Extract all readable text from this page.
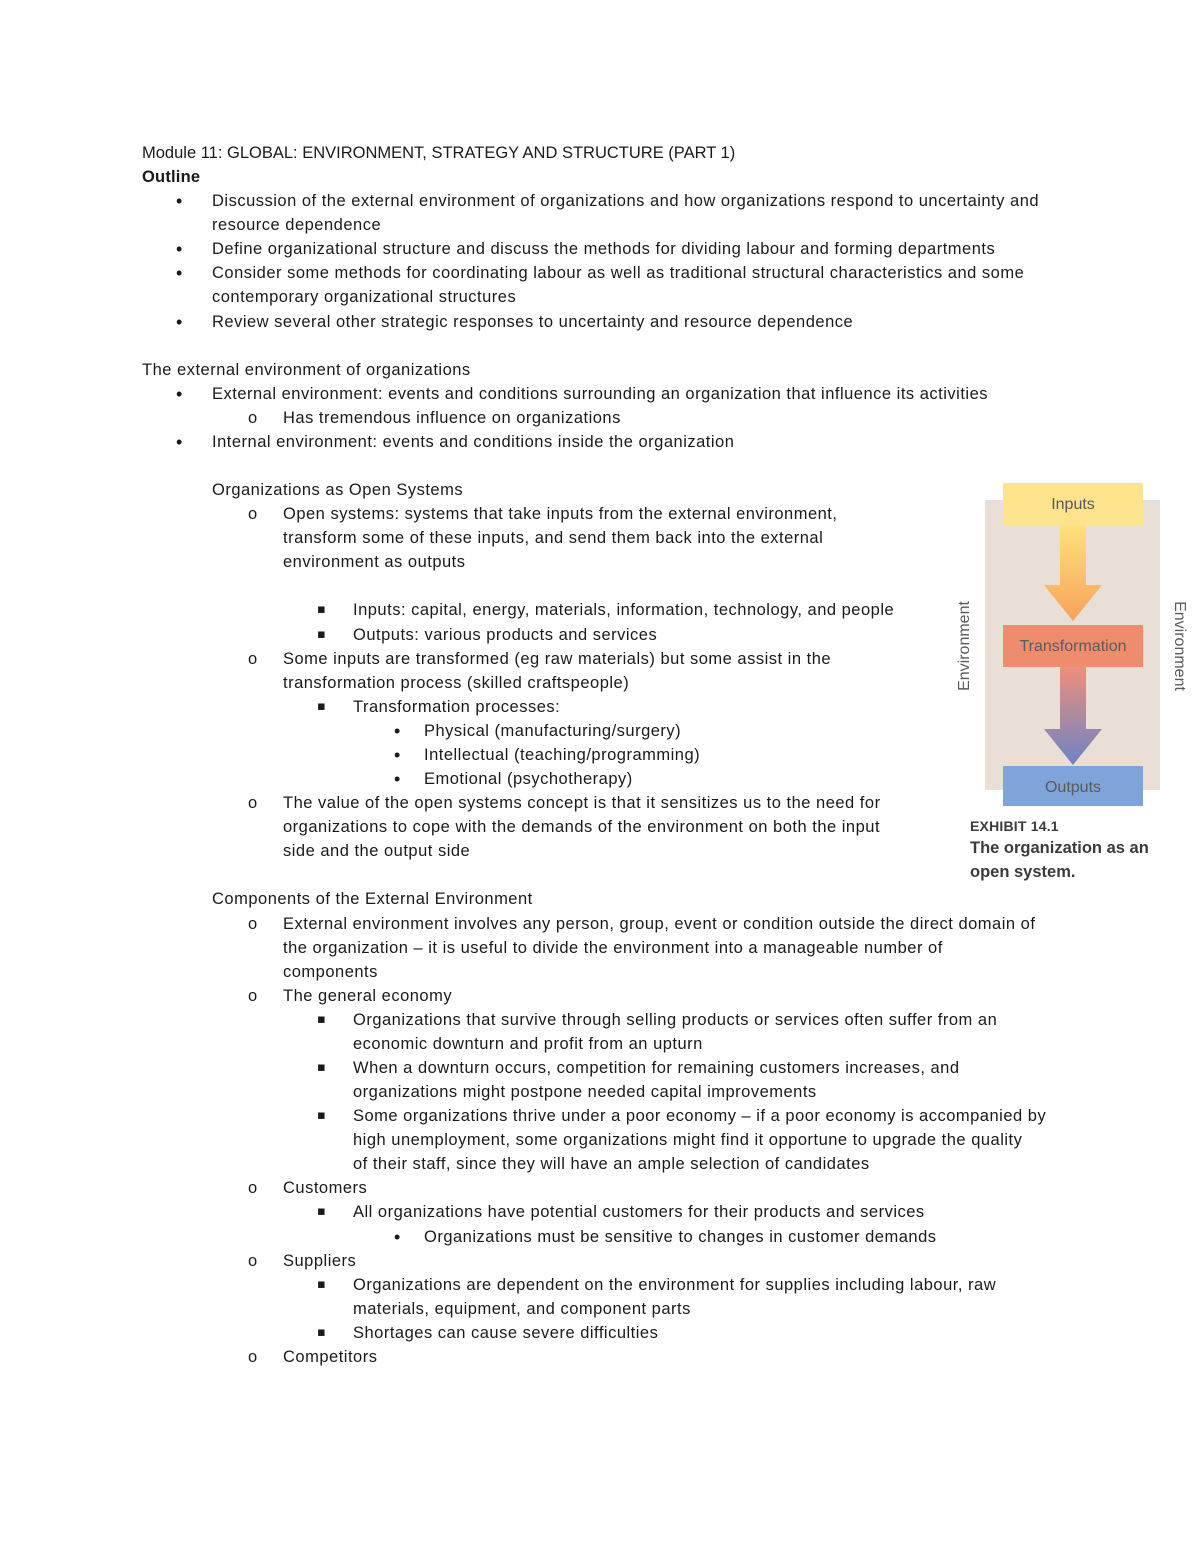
Module 11: GLOBAL: ENVIRONMENT, STRATEGY AND STRUCTURE (PART 1)
Outline
• Discussion of the external environment of organizations and how organizations respond to uncertainty and
resource dependence
• Define organizational structure and discuss the methods for dividing labour and forming departments
• Consider some methods for coordinating labour as well as traditional structural characteristics and some
contemporary organizational structures
• Review several other strategic responses to uncertainty and resource dependence
The external environment of organizations
• External environment: events and conditions surrounding an organization that influence its activities
o Has tremendous influence on organizations
• Internal environment: events and conditions inside the organization
Organizations as Open Systems
o Open systems: systems that take inputs from the external environment,
transform some of these inputs, and send them back into the external
environment as outputs
▪ Inputs: capital, energy, materials, information, technology, and people
▪ Outputs: various products and services
o Some inputs are transformed (eg raw materials) but some assist in the
transformation process (skilled craftspeople)
▪ Transformation processes:
• Physical (manufacturing/surgery)
• Intellectual (teaching/programming)
• Emotional (psychotherapy)
o The value of the open systems concept is that it sensitizes us to the need for
organizations to cope with the demands of the environment on both the input
side and the output side
Components of the External Environment
o External environment involves any person, group, event or condition outside the direct domain of
the organization – it is useful to divide the environment into a manageable number of
components
o The general economy
▪ Organizations that survive through selling products or services often suffer from an
economic downturn and profit from an upturn
▪ When a downturn occurs, competition for remaining customers increases, and
organizations might postpone needed capital improvements
▪ Some organizations thrive under a poor economy – if a poor economy is accompanied by
high unemployment, some organizations might find it opportune to upgrade the quality
of their staff, since they will have an ample selection of candidates
o Customers
▪ All organizations have potential customers for their products and services
• Organizations must be sensitive to changes in customer demands
o Suppliers
▪ Organizations are dependent on the environment for supplies including labour, raw
materials, equipment, and component parts
▪ Shortages can cause severe difficulties
o Competitors
Inputs
Transformation
Outputs
Environment	Environment
EXHIBIT 14.1
The organization as an
open system.
